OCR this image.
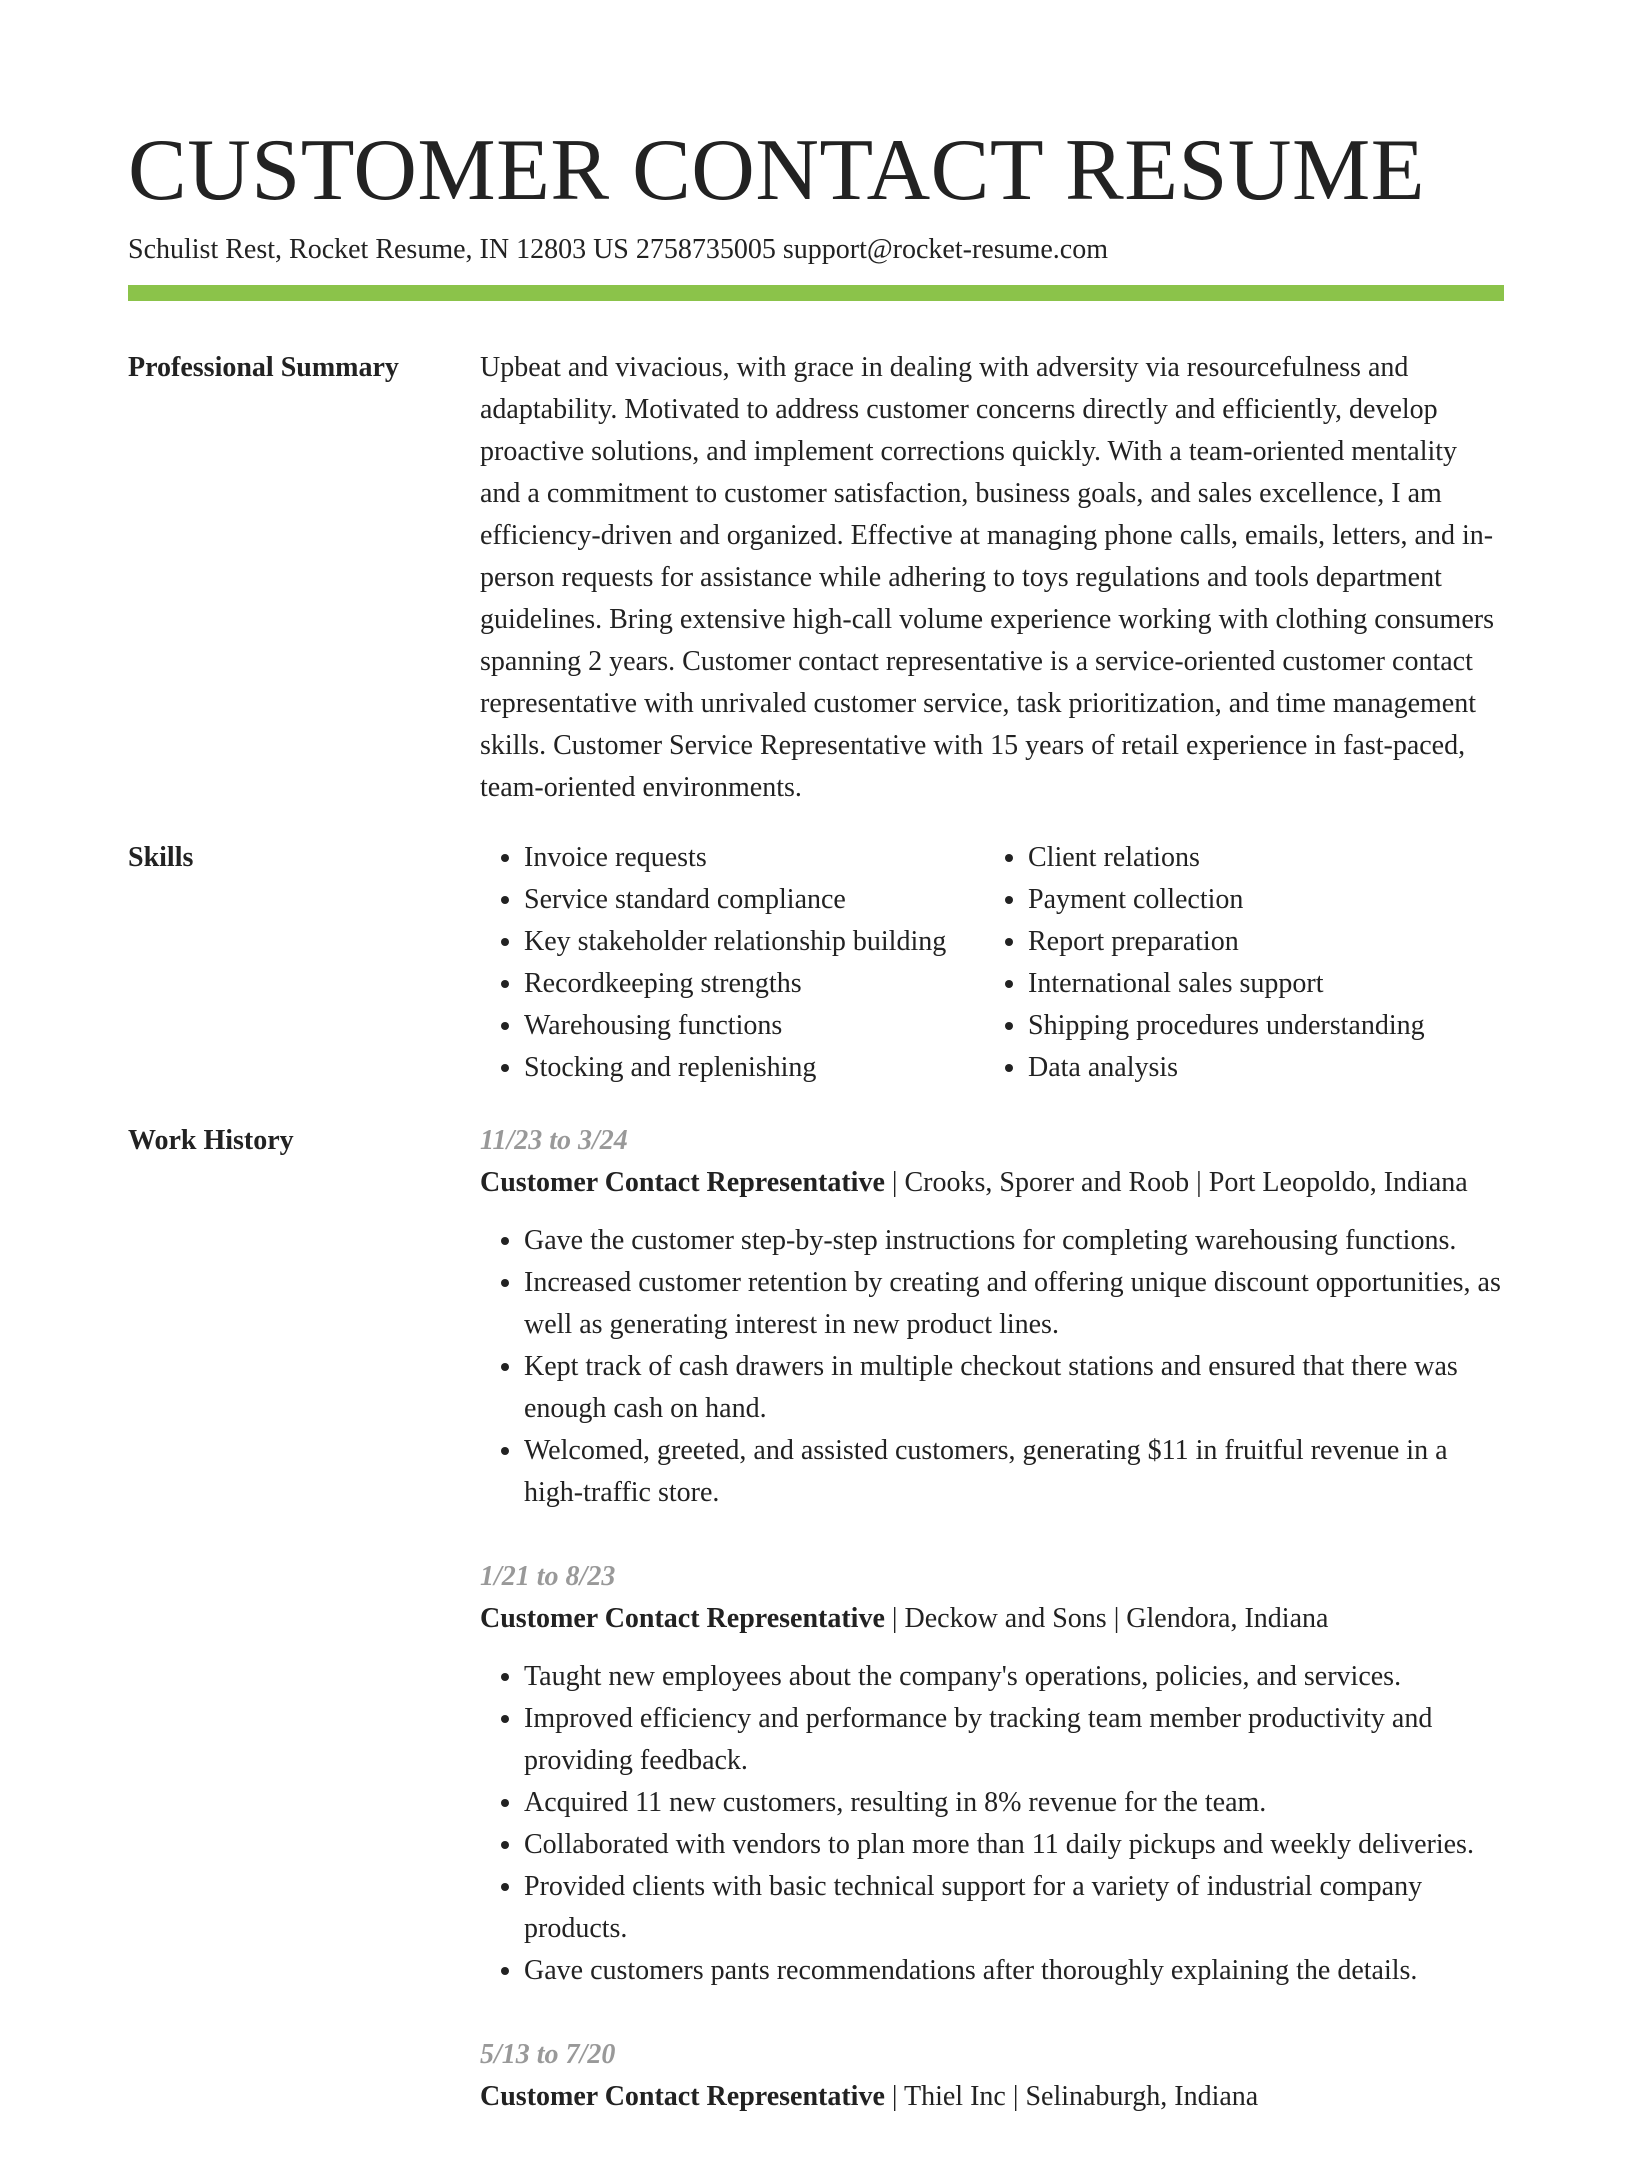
CUSTOMER CONTACT RESUME

Schulist Rest, Rocket Resume, IN 12803 US 2758735005 support@rocket-resume.com

Professional Summary	Upbeat and vivacious, with grace in dealing with adversity via resourcefulness and adaptability. Motivated to address customer concerns directly and efficiently, develop proactive solutions, and implement corrections quickly. With a team-oriented mentality and a commitment to customer satisfaction, business goals, and sales excellence, I am efficiency-driven and organized. Effective at managing phone calls, emails, letters, and in-person requests for assistance while adhering to toys regulations and tools department guidelines. Bring extensive high-call volume experience working with clothing consumers spanning 2 years. Customer contact representative is a service-oriented customer contact representative with unrivaled customer service, task prioritization, and time management skills. Customer Service Representative with 15 years of retail experience in fast-paced, team-oriented environments.

Skills
•	Invoice requests
• Service standard compliance
• Key stakeholder relationship building
• Recordkeeping strengths
• Warehousing functions
• Stocking and replenishing
• Client relations
• Payment collection
• Report preparation
• International sales support
• Shipping procedures understanding
• Data analysis
Work History	11/23 to 3/24

Customer Contact Representative | Crooks, Sporer and Roob | Port Leopoldo, Indiana

• Gave the customer step-by-step instructions for completing warehousing functions.
• Increased customer retention by creating and offering unique discount opportunities, as well as generating interest in new product lines.
• Kept track of cash drawers in multiple checkout stations and ensured that there was enough cash on hand.
• Welcomed, greeted, and assisted customers, generating $11 in fruitful revenue in a high-traffic store.

1/21 to 8/23

Customer Contact Representative | Deckow and Sons | Glendora, Indiana

• Taught new employees about the company's operations, policies, and services.
• Improved efficiency and performance by tracking team member productivity and providing feedback.
• Acquired 11 new customers, resulting in 8% revenue for the team.
• Collaborated with vendors to plan more than 11 daily pickups and weekly deliveries.
• Provided clients with basic technical support for a variety of industrial company products.
• Gave customers pants recommendations after thoroughly explaining the details.

5/13 to 7/20

Customer Contact Representative | Thiel Inc | Selinaburgh, Indiana
